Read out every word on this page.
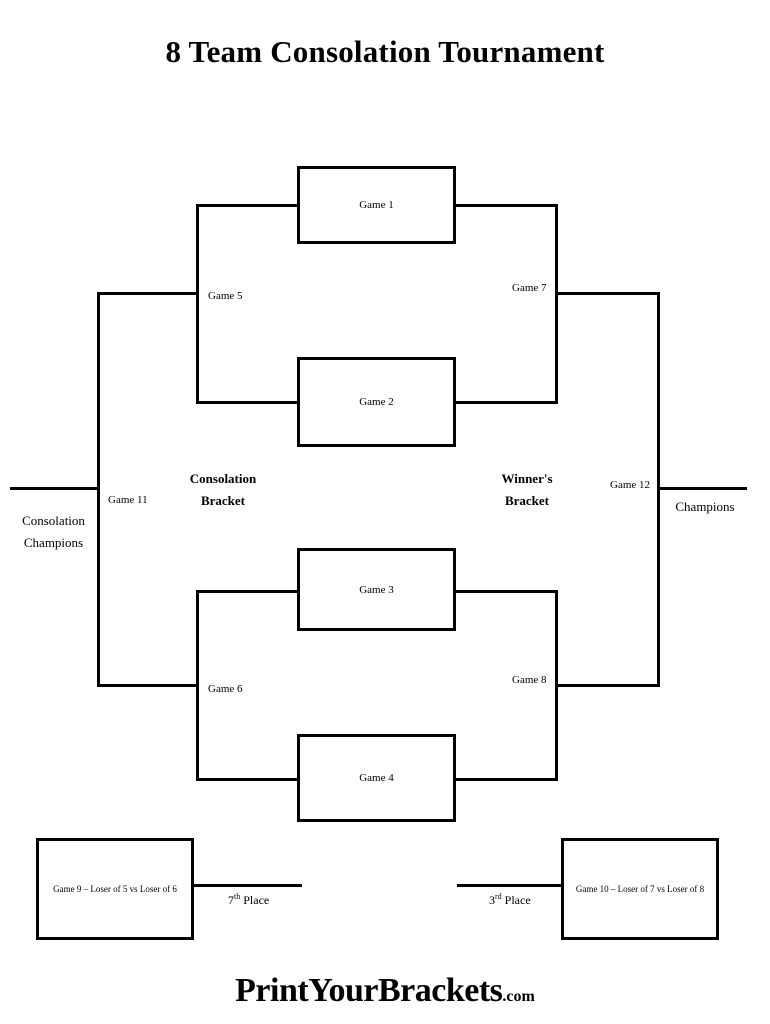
8 Team Consolation Tournament
Game 1
Game 2
Game 3
Game 4
Game 7
Game 8
Game 12
Champions
Game 5
Game 6
Game 11
Consolation
Champions
Consolation
Bracket
Winner's
Bracket
Game 9 – Loser of 5 vs Loser of 6
7th Place
Game 10 – Loser of 7 vs Loser of 8
3rd Place
PrintYourBrackets.com
